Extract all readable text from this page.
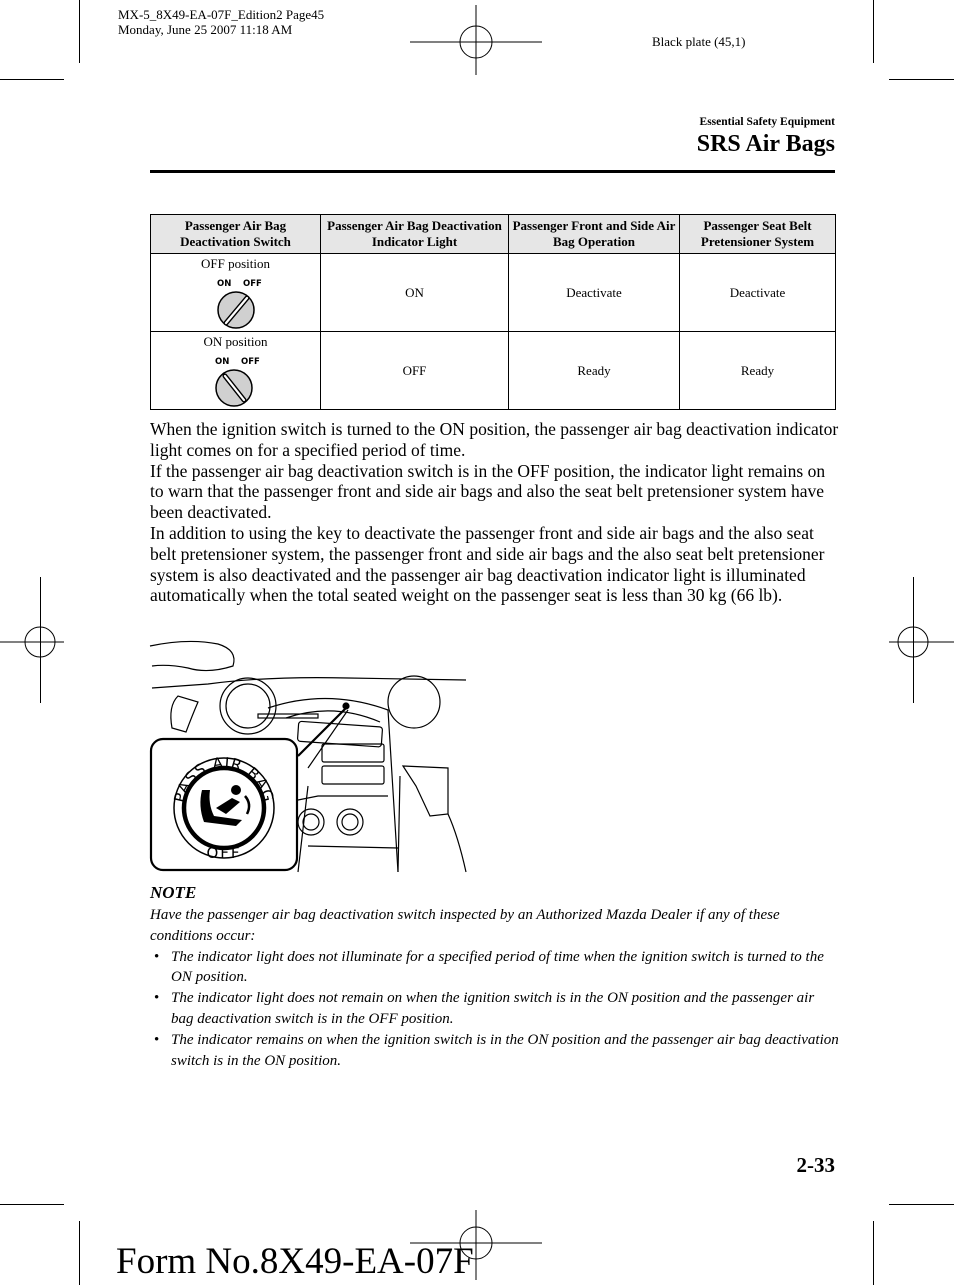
MX-5_8X49-EA-07F_Edition2 Page45
Monday, June 25 2007 11:18 AM
Black plate (45,1)
Essential Safety Equipment
SRS Air Bags
Passenger Air Bag Deactivation Switch	Passenger Air Bag Deactivation Indicator Light	Passenger Front and Side Air Bag Operation	Passenger Seat Belt Pretensioner System

OFF position
ON OFF	ON	Deactivate	Deactivate

ON position
ON OFF	OFF	Ready	Ready

When the ignition switch is turned to the ON position, the passenger air bag deactivation indicator light comes on for a specified period of time.

If the passenger air bag deactivation switch is in the OFF position, the indicator light remains on to warn that the passenger front and side air bags and also the seat belt pretensioner system have been deactivated.

In addition to using the key to deactivate the passenger front and side air bags and the also seat belt pretensioner system, the passenger front and side air bags and the also seat belt pretensioner system is also deactivated and the passenger air bag deactivation indicator light is illuminated automatically when the total seated weight on the passenger seat is less than 30 kg (66 lb).

PASS AIR BAG
OFF
NOTE

Have the passenger air bag deactivation switch inspected by an Authorized Mazda Dealer if any of these conditions occur:

• The indicator light does not illuminate for a specified period of time when the ignition switch is turned to the ON position.
• The indicator light does not remain on when the ignition switch is in the ON position and the passenger air bag deactivation switch is in the OFF position.
• The indicator remains on when the ignition switch is in the ON position and the passenger air bag deactivation switch is in the ON position.
2-33
Form No.8X49-EA-07F
